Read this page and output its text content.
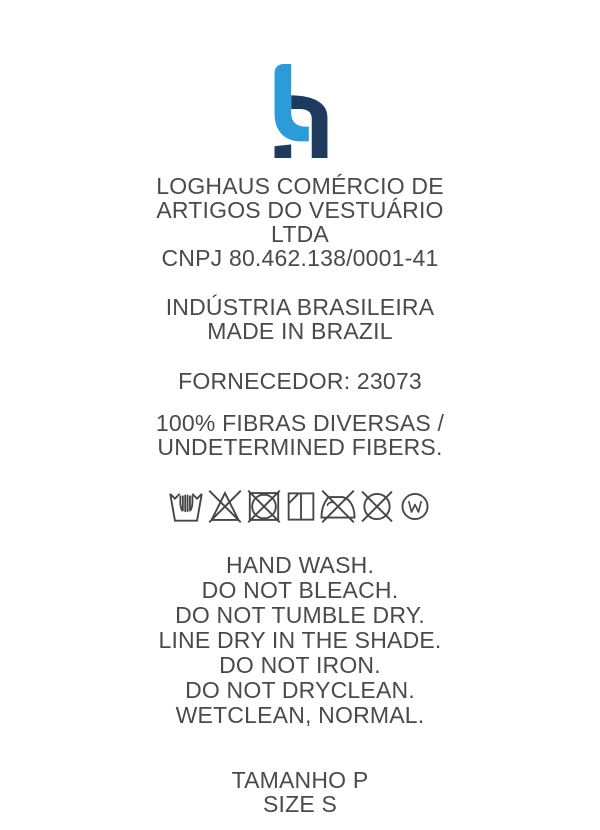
LOGHAUS COMÉRCIO DE
ARTIGOS DO VESTUÁRIO
LTDA
CNPJ 80.462.138/0001-41
INDÚSTRIA BRASILEIRA
MADE IN BRAZIL
FORNECEDOR: 23073
100% FIBRAS DIVERSAS /
UNDETERMINED FIBERS.
HAND WASH.
DO NOT BLEACH.
DO NOT TUMBLE DRY.
LINE DRY IN THE SHADE.
DO NOT IRON.
DO NOT DRYCLEAN.
WETCLEAN, NORMAL.
TAMANHO P
SIZE S
